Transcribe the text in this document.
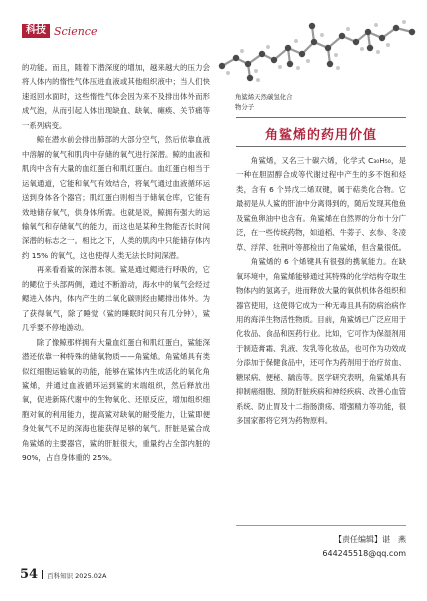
科技 Science

的功能。而且，随着下潜深度的增加，越来越大的压力会将人体内的惰性气体压进血液或其他组织液中；当人们快速返回水面时，这些惰性气体会因为来不及排出体外而形成气泡，从而引起人体出现缺血、缺氧、瘫痪、关节痛等一系列病变。

鲸在潜水前会排出肺部的大部分空气，然后依靠血液中溶解的氧气和肌肉中存储的氧气进行深潜。鲸的血液和肌肉中含有大量的血红蛋白和肌红蛋白。血红蛋白相当于运氧通道，它能和氧气有效结合，将氧气通过血液循环运送到身体各个器官；肌红蛋白则相当于储氧仓库，它能有效地储存氧气，供身体所需。也就是说，鲸拥有强大的运输氧气和存储氧气的能力，而这也是某种生物能否长时间深潜的标志之一。相比之下，人类的肌肉中只能储存体内约 15% 的氧气，这也使得人类无法长时间深潜。

再来看看鲨的深潜本领。鲨是通过鳃进行呼吸的，它的鳃位于头部两侧，通过不断游动，海水中的氧气会经过鳃进入体内，体内产生的二氧化碳则经由鳃排出体外。为了获得氧气，除了睡觉（鲨的睡眠时间只有几分钟），鲨几乎要不停地游动。

除了像鲸那样拥有大量血红蛋白和肌红蛋白，鲨能深潜还依靠一种特殊的储氧物质——角鲨烯。角鲨烯具有类似红细胞运输氧的功能，能够在鲨体内生成活化的氧化角鲨烯，并通过血液循环运到鲨的末端组织，然后释放出氧，促进新陈代谢中的生物氧化、还原反应，增加组织细胞对氧的利用能力，提高鲨对缺氧的耐受能力，让鲨即便身处氧气不足的深海也能获得足够的氧气。肝脏是鲨合成角鲨烯的主要器官，鲨的肝脏很大，重量约占全部内脏的 90%，占自身体重的 25%。

角鲨烯天然碳氢化合物分子
角鲨烯的药用价值

角鲨烯，又名三十碳六烯，化学式 C₃₀H₅₀，是一种在胆固醇合成等代谢过程中产生的多不饱和烃类，含有 6 个异戊二烯双键，属于萜类化合物。它最初是从人鲨的肝油中分离得到的，随后发现其他鱼及鲨鱼卵油中也含有。角鲨烯在自然界的分布十分广泛，在一些传统药物，如道稻、牛蒡子、玄参、冬凌草、浮萍、牡荆叶等都检出了角鲨烯，但含量很低。

角鲨烯的 6 个烯键具有很强的携氧能力。在缺氧环境中，角鲨烯能够通过其特殊的化学结构夺取生物体内的氢离子，进而释放大量的氧供机体各组织和器官使用，这使得它成为一种无毒且具有防病治病作用的海洋生物活性物质。目前，角鲨烯已广泛应用于化妆品、食品和医药行业。比如，它可作为保湿剂用于制造膏霜、乳液、发乳等化妆品，也可作为功效成分添加于保健食品中，还可作为药剂用于治疗贫血、糖尿病、便秘、龋齿等。医学研究表明，角鲨烯具有抑制癌细胞、预防肝脏疾病和神经疾病、改善心血管系统、防止胃及十二指肠溃疡、增强精力等功能，很多国家都将它列为药物原料。

【责任编辑】谌　燕
644245518@qq.com
54 百科知识 2025.02A
